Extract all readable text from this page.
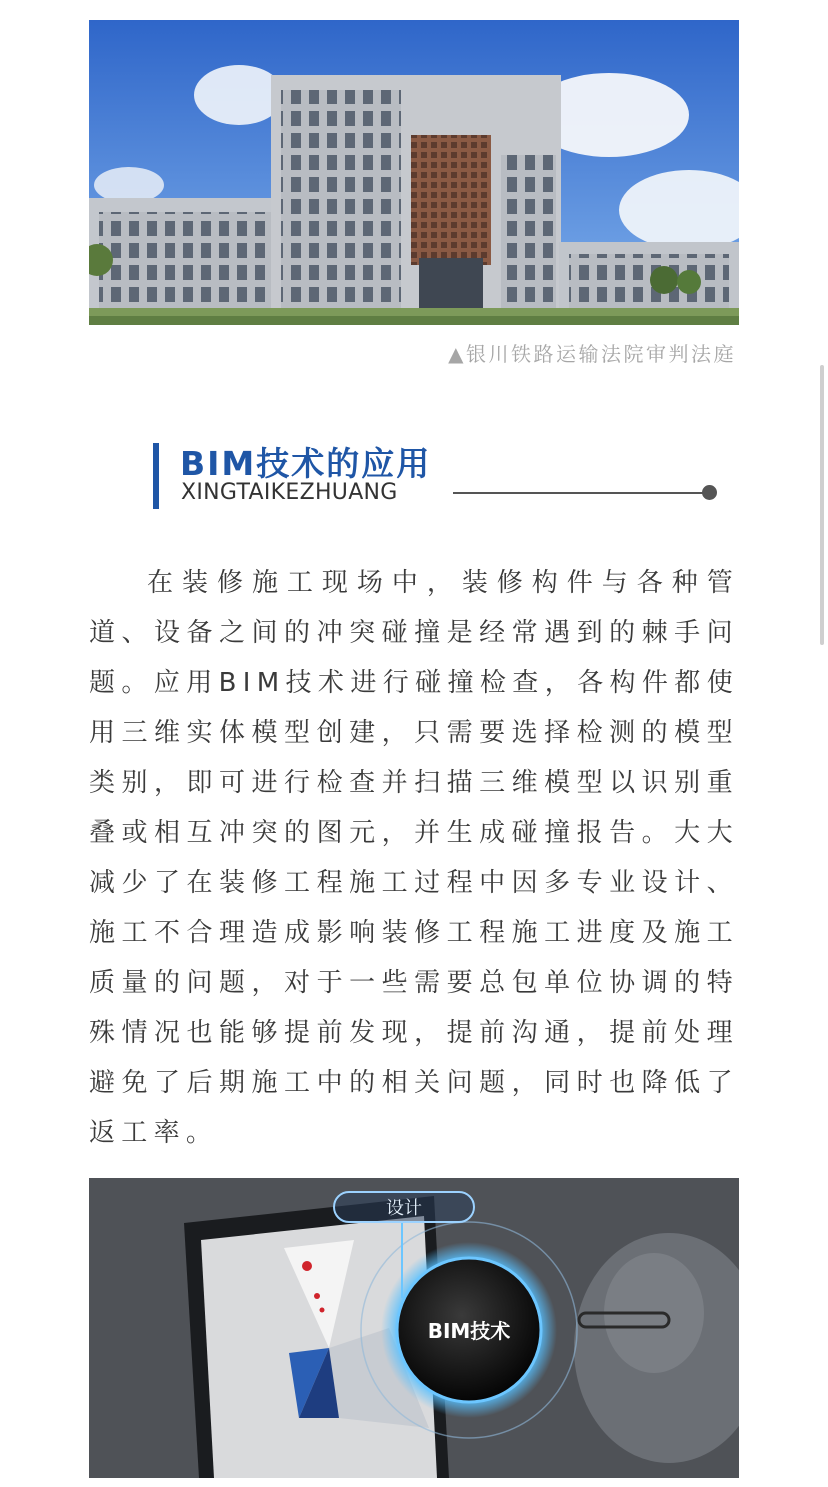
▲银川铁路运输法院审判法庭
BIM技术的应用
XINGTAIKEZHUANG

在装修施工现场中，装修构件与各种管道、设备之间的冲突碰撞是经常遇到的棘手问题。应用BIM技术进行碰撞检查，各构件都使用三维实体模型创建，只需要选择检测的模型类别，即可进行检查并扫描三维模型以识别重叠或相互冲突的图元，并生成碰撞报告。大大减少了在装修工程施工过程中因多专业设计、施工不合理造成影响装修工程施工进度及施工质量的问题，对于一些需要总包单位协调的特殊情况也能够提前发现，提前沟通，提前处理避免了后期施工中的相关问题，同时也降低了返工率。

设计
BIM技术
